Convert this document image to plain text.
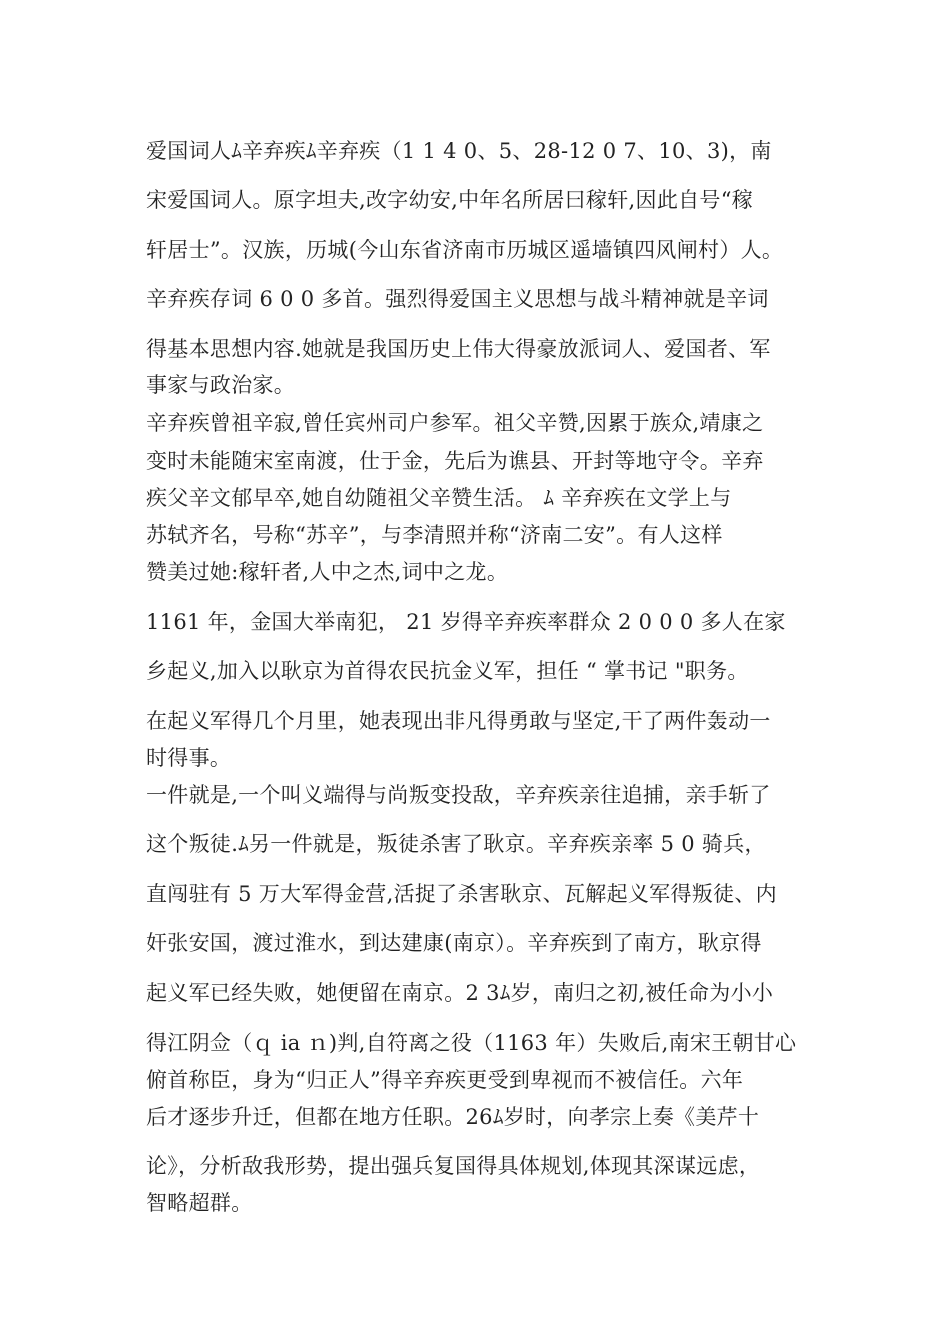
爱国词人ﾑ辛弃疾ﾑ辛弃疾（1 1 4 0、5、28-12 0 7、10、3)，南
宋爱国词人。原字坦夫,改字幼安,中年名所居曰稼轩,因此自号“稼
轩居士”。汉族，历城(今山东省济南市历城区遥墙镇四风闸村）人。
辛弃疾存词 6 0 0 多首。强烈得爱国主义思想与战斗精神就是辛词
得基本思想内容.她就是我国历史上伟大得豪放派词人、爱国者、军
事家与政治家。
辛弃疾曾祖辛寂,曾任宾州司户参军。祖父辛赞,因累于族众,靖康之
变时未能随宋室南渡，仕于金，先后为谯县、开封等地守令。辛弃
疾父辛文郁早卒,她自幼随祖父辛赞生活。 ﾑ 辛弃疾在文学上与
苏轼齐名，号称“苏辛”，与李清照并称“济南二安”。有人这样
赞美过她:稼轩者,人中之杰,词中之龙。
1161 年，金国大举南犯， 21 岁得辛弃疾率群众 2 0 0 0 多人在家
乡起义,加入以耿京为首得农民抗金义军，担任 “ 掌书记 "职务。
在起义军得几个月里，她表现出非凡得勇敢与坚定,干了两件轰动一
时得事。
一件就是,一个叫义端得与尚叛变投敌，辛弃疾亲往追捕，亲手斩了
这个叛徒.ﾑ另一件就是，叛徒杀害了耿京。辛弃疾亲率 5 0 骑兵，
直闯驻有 5 万大军得金营,活捉了杀害耿京、瓦解起义军得叛徒、内
奸张安国，渡过淮水，到达建康(南京）。辛弃疾到了南方，耿京得
起义军已经失败，她便留在南京。2 3ﾑ岁，南归之初,被任命为小小
得江阴佥（ｑ ia ｎ)判,自符离之役（1163 年）失败后,南宋王朝甘心
俯首称臣，身为“归正人”得辛弃疾更受到卑视而不被信任。六年
后才逐步升迁，但都在地方任职。26ﾑ岁时，向孝宗上奏《美芹十
论》，分析敌我形势，提出强兵复国得具体规划,体现其深谋远虑，
智略超群。
